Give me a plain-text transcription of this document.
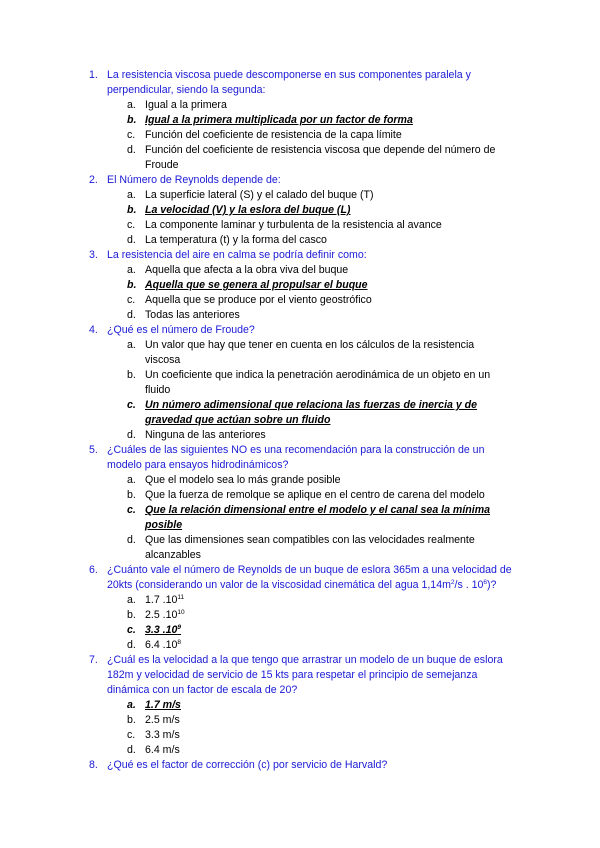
1. La resistencia viscosa puede descomponerse en sus componentes paralela y perpendicular, siendo la segunda:
a. Igual a la primera
b. Igual a la primera multiplicada por un factor de forma
c. Función del coeficiente de resistencia de la capa límite
d. Función del coeficiente de resistencia viscosa que depende del número de Froude
2. El Número de Reynolds depende de:
a. La superficie lateral (S) y el calado del buque (T)
b. La velocidad (V) y la eslora del buque (L)
c. La componente laminar y turbulenta de la resistencia al avance
d. La temperatura (t) y la forma del casco
3. La resistencia del aire en calma se podría definir como:
a. Aquella que afecta a la obra viva del buque
b. Aquella que se genera al propulsar el buque
c. Aquella que se produce por el viento geostrófico
d. Todas las anteriores
4. ¿Qué es el número de Froude?
a. Un valor que hay que tener en cuenta en los cálculos de la resistencia viscosa
b. Un coeficiente que indica la penetración aerodinámica de un objeto en un fluido
c. Un número adimensional que relaciona las fuerzas de inercia y de gravedad que actúan sobre un fluido
d. Ninguna de las anteriores
5. ¿Cuáles de las siguientes NO es una recomendación para la construcción de un modelo para ensayos hidrodinámicos?
a. Que el modelo sea lo más grande posible
b. Que la fuerza de remolque se aplique en el centro de carena del modelo
c. Que la relación dimensional entre el modelo y el canal sea la mínima posible
d. Que las dimensiones sean compatibles con las velocidades realmente alcanzables
6. ¿Cuánto vale el número de Reynolds de un buque de eslora 365m a una velocidad de 20kts (considerando un valor de la viscosidad cinemática del agua $1,14m^2/s$ . $10^6$)?
a. 1.7 $.10^{11}$
b. 2.5 $.10^{10}$
c. 3.3 $.10^9$
d. 6.4 $.10^8$
7. ¿Cuál es la velocidad a la que tengo que arrastrar un modelo de un buque de eslora 182m y velocidad de servicio de 15 kts para respetar el principio de semejanza dinámica con un factor de escala de 20?
a. 1.7 m/s
b. 2.5 m/s
c. 3.3 m/s
d. 6.4 m/s
8. ¿Qué es el factor de corrección (c) por servicio de Harvald?
